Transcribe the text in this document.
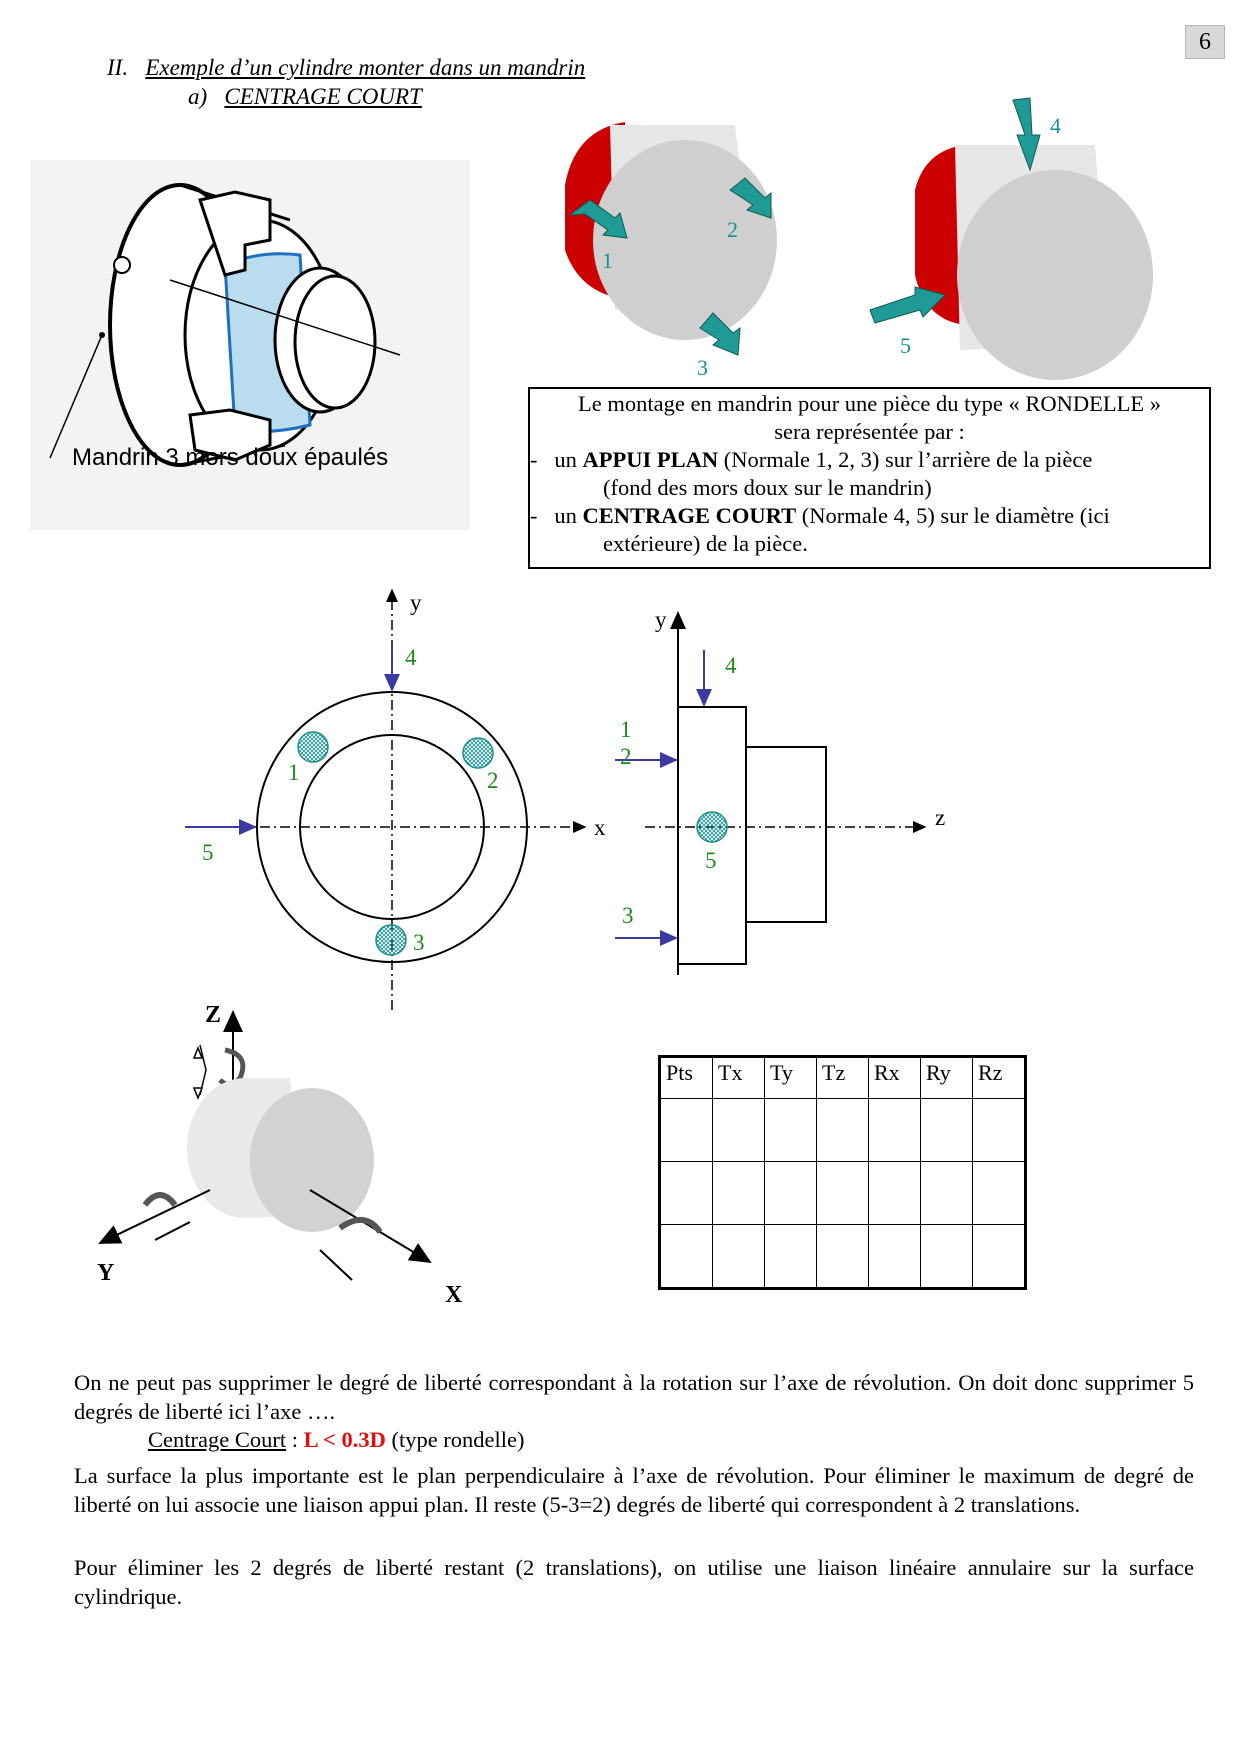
6
II. Exemple d’un cylindre monter dans un mandrin
a) CENTRAGE COURT
Mandrin 3 mors doux épaulés
1
2
3
4
5
Le montage en mandrin pour une pièce du type « RONDELLE »
sera représentée par :
- un APPUI PLAN (Normale 1, 2, 3) sur l’arrière de la pièce
(fond des mors doux sur le mandrin)
- un CENTRAGE COURT (Normale 4, 5) sur le diamètre (ici
extérieure) de la pièce.
y
x
4
1	2
5
3
y
z
4
1
2
5
3
Z
X
Y
Pts	Tx	Ty	Tz	Rx	Ry	Rz

On ne peut pas supprimer le degré de liberté correspondant à la rotation sur l’axe de révolution. On doit donc supprimer 5 degrés de liberté ici l’axe ….
Centrage Court : L < 0.3D (type rondelle)
La surface la plus importante est le plan perpendiculaire à l’axe de révolution. Pour éliminer le maximum de degré de liberté on lui associe une liaison appui plan. Il reste (5-3=2) degrés de liberté qui correspondent à 2 translations.
Pour éliminer les 2 degrés de liberté restant (2 translations), on utilise une liaison linéaire annulaire sur la surface cylindrique.
